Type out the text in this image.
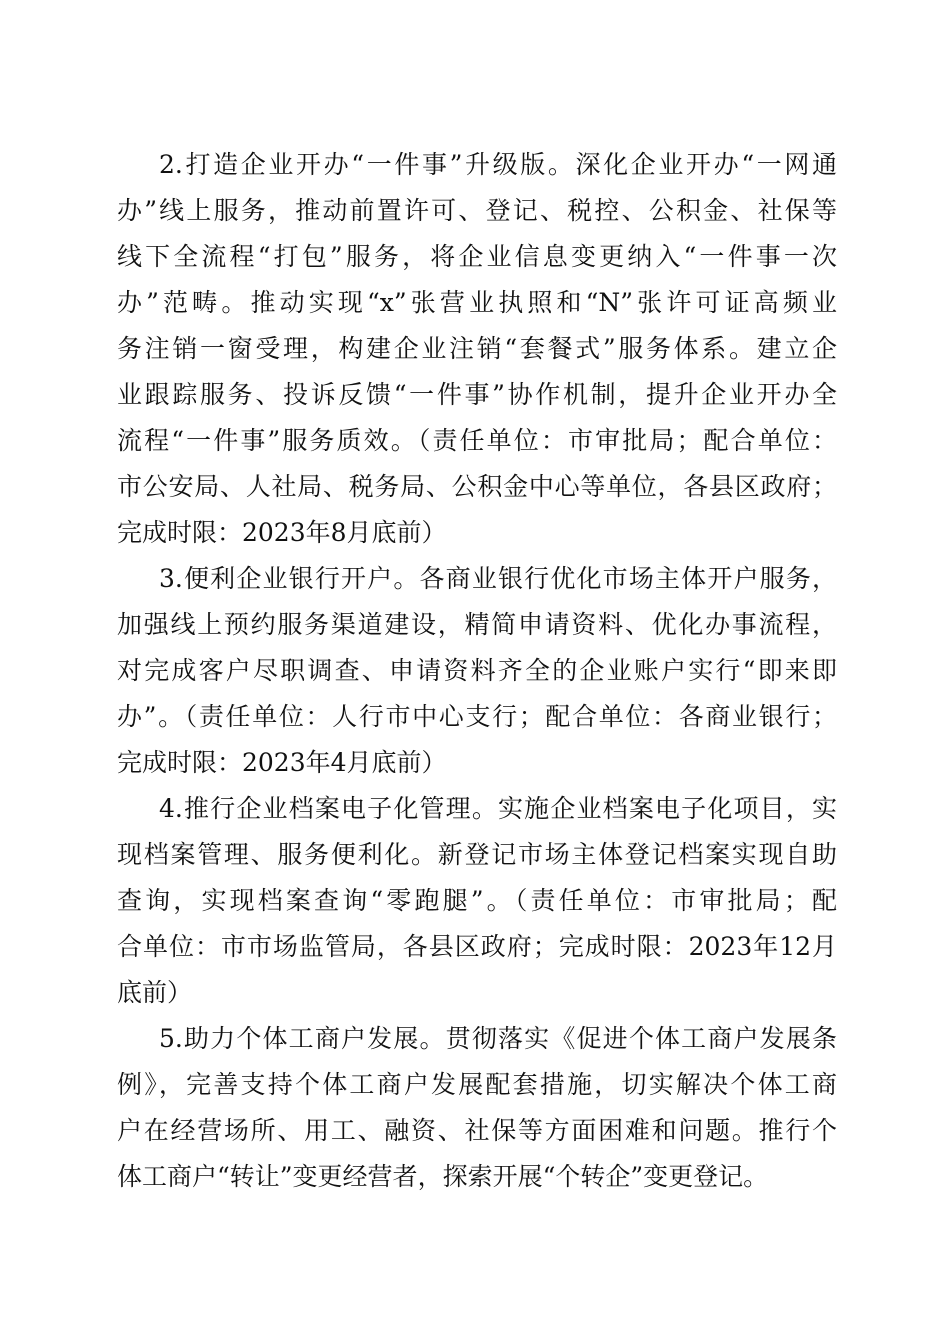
2.打造企业开办“一件事”升级版。深化企业开办“一网通
办”线上服务，推动前置许可、登记、税控、公积金、社保等
线下全流程“打包”服务，将企业信息变更纳入“一件事一次
办”范畴。推动实现“x”张营业执照和“N”张许可证高频业
务注销一窗受理，构建企业注销“套餐式”服务体系。建立企
业跟踪服务、投诉反馈“一件事”协作机制，提升企业开办全
流程“一件事”服务质效。（责任单位：市审批局；配合单位：
市公安局、人社局、税务局、公积金中心等单位，各县区政府；
完成时限：2023年8月底前）
3.便利企业银行开户。各商业银行优化市场主体开户服务，
加强线上预约服务渠道建设，精简申请资料、优化办事流程，
对完成客户尽职调查、申请资料齐全的企业账户实行“即来即
办”。（责任单位：人行市中心支行；配合单位：各商业银行；
完成时限：2023年4月底前）
4.推行企业档案电子化管理。实施企业档案电子化项目，实
现档案管理、服务便利化。新登记市场主体登记档案实现自助
查询，实现档案查询“零跑腿”。（责任单位：市审批局；配
合单位：市市场监管局，各县区政府；完成时限：2023年12月
底前）
5.助力个体工商户发展。贯彻落实《促进个体工商户发展条
例》，完善支持个体工商户发展配套措施，切实解决个体工商
户在经营场所、用工、融资、社保等方面困难和问题。推行个
体工商户“转让”变更经营者，探索开展“个转企”变更登记。
